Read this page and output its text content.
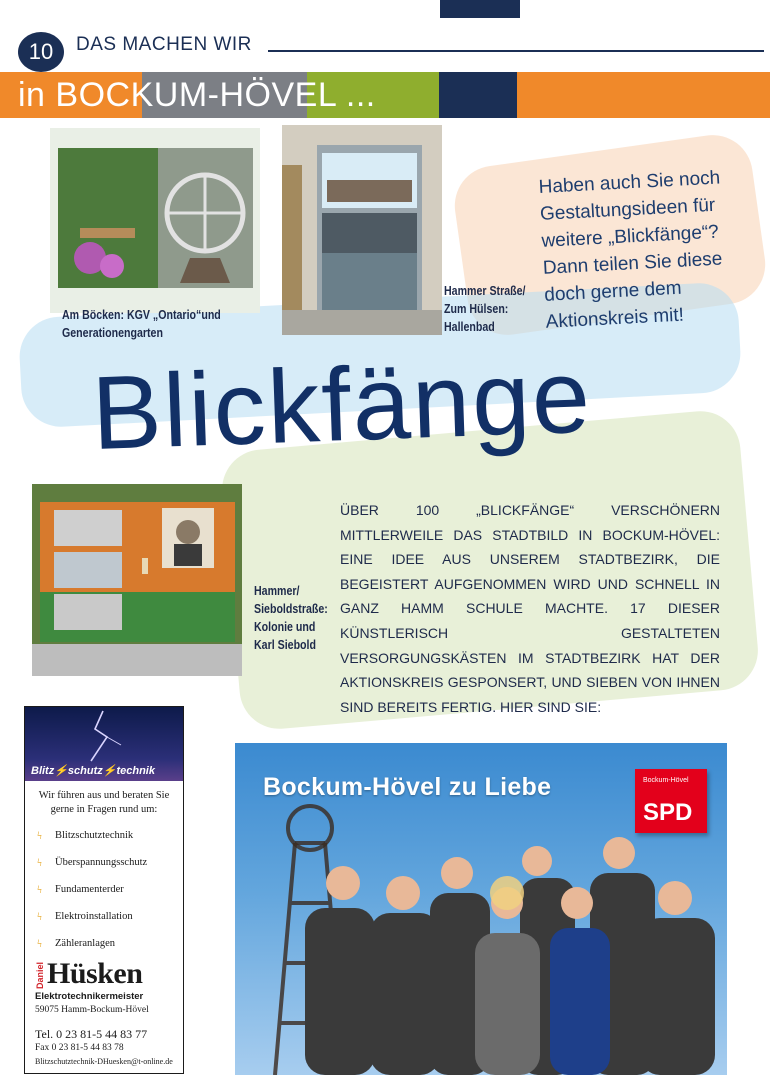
10	DAS MACHEN WIR
in BOCKUM-HÖVEL ...
Am Böcken: KGV „Ontario“und
Generationengarten
Hammer Straße/
Zum Hülsen:
Hallenbad
Haben auch Sie noch
Gestaltungsideen für
weitere „Blickfänge“?
Dann teilen Sie diese
doch gerne dem
Aktionskreis mit!
Blickfänge
Hammer/
Sieboldstraße:
Kolonie und
Karl Siebold
ÜBER 100 „BLICKFÄNGE“ VERSCHÖNERN MITTLERWEILE DAS STADTBILD IN BOCKUM-HÖVEL: EINE IDEE AUS UNSEREM STADTBEZIRK, DIE BEGEISTERT AUFGENOMMEN WIRD UND SCHNELL IN GANZ HAMM SCHULE MACHTE. 17 DIESER KÜNSTLERISCH GESTALTETEN VERSORGUNGSKÄSTEN IM STADTBEZIRK HAT DER AKTIONSKREIS GESPONSERT, UND SIEBEN VON IHNEN SIND BEREITS FERTIG. HIER SIND SIE:
Blitz⚡schutz⚡technik
Wir führen aus und beraten Sie gerne in Fragen rund um:
ϟ	Blitzschutztechnik
ϟ	Überspannungsschutz
ϟ	Fundamenterder
ϟ	Elektroinstallation
ϟ	Zähleranlagen
Daniel Hüsken
Elektrotechnikermeister
59075 Hamm-Bockum-Hövel
Tel. 0 23 81-5 44 83 77
Fax 0 23 81-5 44 83 78
Blitzschutztechnik-DHuesken@t-online.de
Bockum-Hövel zu Liebe	Bockum-Hövel
SPD
